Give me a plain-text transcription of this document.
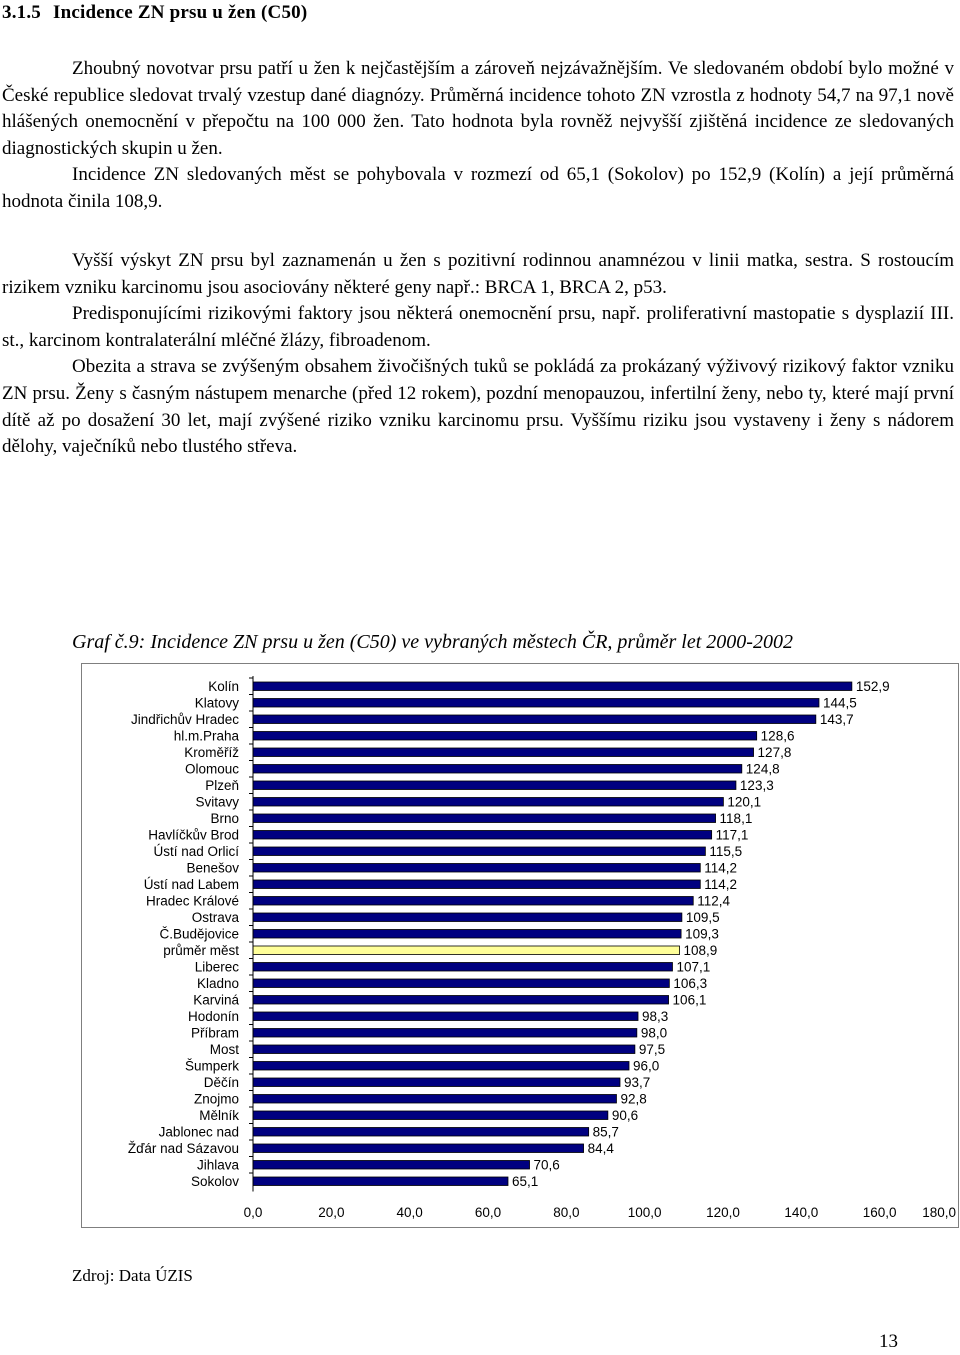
3.1.5 Incidence ZN prsu u žen (C50)

Zhoubný novotvar prsu patří u žen k nejčastějším a zároveň nejzávažnějším. Ve sledovaném období bylo možné v České republice sledovat trvalý vzestup dané diagnózy. Průměrná incidence tohoto ZN vzrostla z hodnoty 54,7 na 97,1 nově hlášených onemocnění v přepočtu na 100 000 žen. Tato hodnota byla rovněž nejvyšší zjištěná incidence ze sledovaných diagnostických skupin u žen.

Incidence ZN sledovaných měst se pohybovala v rozmezí od 65,1 (Sokolov) po 152,9 (Kolín) a její průměrná hodnota činila 108,9.

Vyšší výskyt ZN prsu byl zaznamenán u žen s pozitivní rodinnou anamnézou v linii matka, sestra. S rostoucím rizikem vzniku karcinomu jsou asociovány některé geny např.: BRCA 1, BRCA 2, p53.

Predisponujícími rizikovými faktory jsou některá onemocnění prsu, např. proliferativní mastopatie s dysplazií III. st., karcinom kontralaterální mléčné žlázy, fibroadenom.

Obezita a strava se zvýšeným obsahem živočišných tuků se pokládá za prokázaný výživový rizikový faktor vzniku ZN prsu. Ženy s časným nástupem menarche (před 12 rokem), pozdní menopauzou, infertilní ženy, nebo ty, které mají první dítě až po dosažení 30 let, mají zvýšené riziko vzniku karcinomu prsu. Vyššímu riziku jsou vystaveny i ženy s nádorem dělohy, vaječníků nebo tlustého střeva.

Graf č.9: Incidence ZN prsu u žen (C50) ve vybraných městech ČR, průměr let 2000-2002

Kolín
Klatovy
Jindřichův Hradec
hl.m.Praha
Kroměříž
Olomouc
Plzeň
Svitavy
Brno
Havlíčkův Brod
Ústí nad Orlicí
Benešov
Ústí nad Labem
Hradec Králové
Ostrava
Č.Budějovice
průměr měst
Liberec
Kladno
Karviná
Hodonín
Příbram
Most
Šumperk
Děčín
Znojmo
Mělník
Jablonec nad
Žďár nad Sázavou
Jihlava
Sokolov
152,9
144,5
143,7
128,6
127,8
124,8
123,3
120,1
118,1
117,1
115,5
114,2
114,2
112,4
109,5
109,3
108,9
107,1
106,3
106,1
98,3
98,0
97,5
96,0
93,7
92,8
90,6
85,7
84,4
70,6
65,1
0,0	20,0	40,0	60,0	80,0	100,0	120,0	140,0	160,0 180,0

Zdroj: Data ÚZIS

13
